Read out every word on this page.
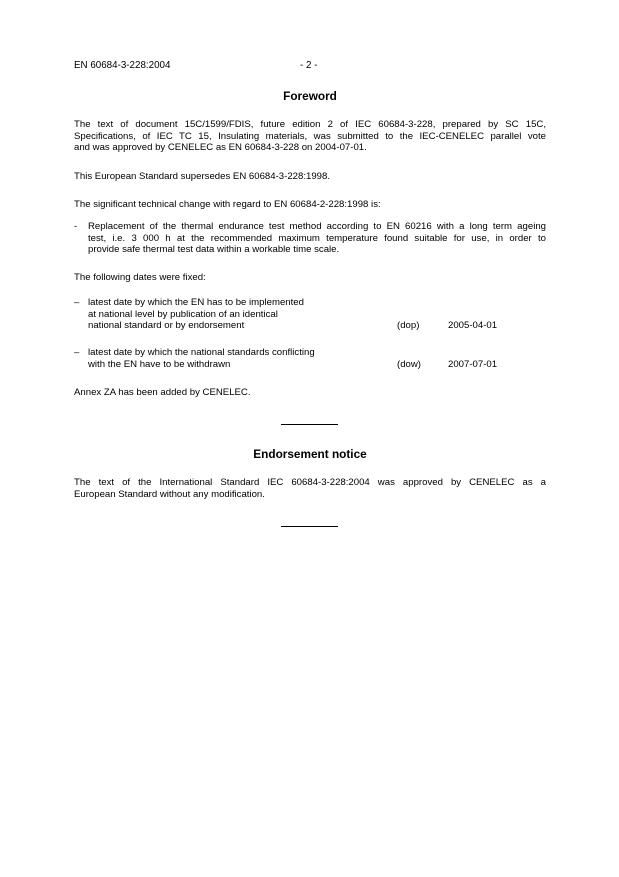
EN 60684-3-228:2004	- 2 -
Foreword
The text of document 15C/1599/FDIS, future edition 2 of IEC 60684-3-228, prepared by SC 15C,
Specifications, of IEC TC 15, Insulating materials, was submitted to the IEC-CENELEC parallel vote
and was approved by CENELEC as EN 60684-3-228 on 2004-07-01.
This European Standard supersedes EN 60684-3-228:1998.
The significant technical change with regard to EN 60684-2-228:1998 is:
- Replacement of the thermal endurance test method according to EN 60216 with a long term ageing
test, i.e. 3 000 h at the recommended maximum temperature found suitable for use, in order to
provide safe thermal test data within a workable time scale.
The following dates were fixed:
– latest date by which the EN has to be implemented
at national level by publication of an identical
national standard or by endorsement	(dop)	2005-04-01
– latest date by which the national standards conflicting
with the EN have to be withdrawn	(dow)	2007-07-01
Annex ZA has been added by CENELEC.
Endorsement notice
The text of the International Standard IEC 60684-3-228:2004 was approved by CENELEC as a
European Standard without any modification.
